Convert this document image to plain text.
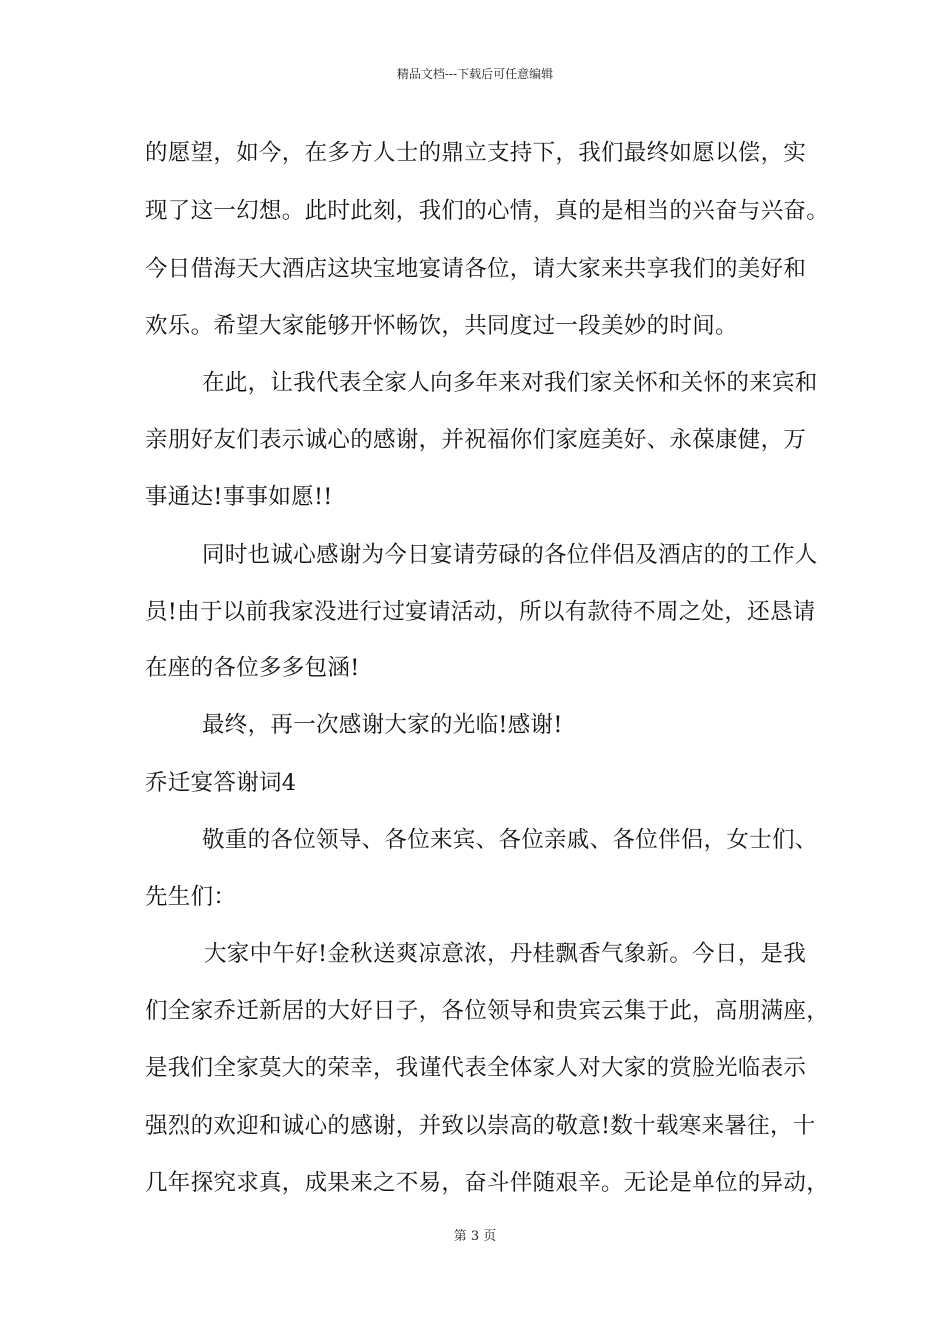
精品文档---下载后可任意编辑
的愿望，如今，在多方人士的鼎立支持下，我们最终如愿以偿，实
现了这一幻想。此时此刻，我们的心情，真的是相当的兴奋与兴奋。
今日借海天大酒店这块宝地宴请各位，请大家来共享我们的美好和
欢乐。希望大家能够开怀畅饮，共同度过一段美妙的时间。
在此，让我代表全家人向多年来对我们家关怀和关怀的来宾和
亲朋好友们表示诚心的感谢，并祝福你们家庭美好、永葆康健，万
事通达!事事如愿!!
同时也诚心感谢为今日宴请劳碌的各位伴侣及酒店的的工作人
员!由于以前我家没进行过宴请活动，所以有款待不周之处，还恳请
在座的各位多多包涵!
最终，再一次感谢大家的光临!感谢!
乔迁宴答谢词4
敬重的各位领导、各位来宾、各位亲戚、各位伴侣，女士们、
先生们：
大家中午好!金秋送爽凉意浓，丹桂飘香气象新。今日，是我
们全家乔迁新居的大好日子，各位领导和贵宾云集于此，高朋满座，
是我们全家莫大的荣幸，我谨代表全体家人对大家的赏脸光临表示
强烈的欢迎和诚心的感谢，并致以崇高的敬意!数十载寒来暑往，十
几年探究求真，成果来之不易，奋斗伴随艰辛。无论是单位的异动，
第 3 页
